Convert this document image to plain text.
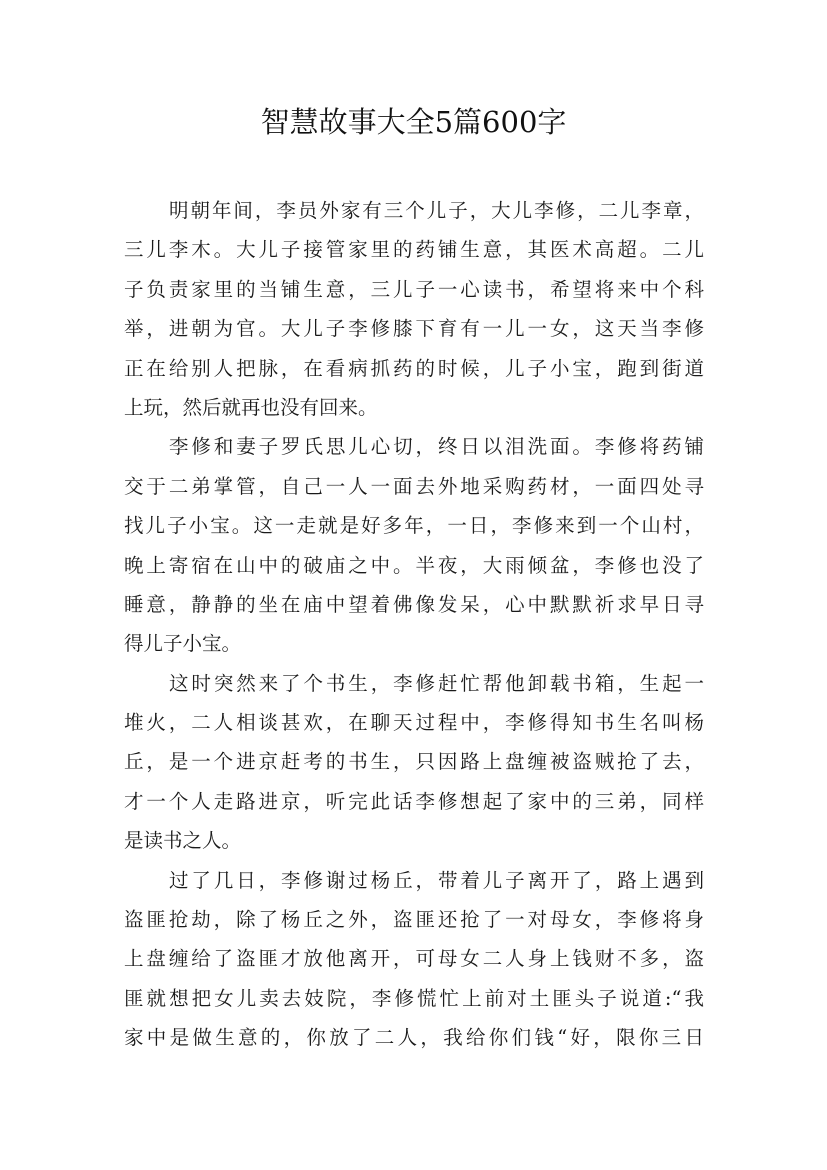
智慧故事大全5篇600字
明朝年间，李员外家有三个儿子，大儿李修，二儿李章，
三儿李木。大儿子接管家里的药铺生意，其医术高超。二儿
子负责家里的当铺生意，三儿子一心读书，希望将来中个科
举，进朝为官。大儿子李修膝下育有一儿一女，这天当李修
正在给别人把脉，在看病抓药的时候，儿子小宝，跑到街道
上玩，然后就再也没有回来。
李修和妻子罗氏思儿心切，终日以泪洗面。李修将药铺
交于二弟掌管，自己一人一面去外地采购药材，一面四处寻
找儿子小宝。这一走就是好多年，一日，李修来到一个山村，
晚上寄宿在山中的破庙之中。半夜，大雨倾盆，李修也没了
睡意，静静的坐在庙中望着佛像发呆，心中默默祈求早日寻
得儿子小宝。
这时突然来了个书生，李修赶忙帮他卸载书箱，生起一
堆火，二人相谈甚欢，在聊天过程中，李修得知书生名叫杨
丘，是一个进京赶考的书生，只因路上盘缠被盗贼抢了去，
才一个人走路进京，听完此话李修想起了家中的三弟，同样
是读书之人。
过了几日，李修谢过杨丘，带着儿子离开了，路上遇到
盗匪抢劫，除了杨丘之外，盗匪还抢了一对母女，李修将身
上盘缠给了盗匪才放他离开，可母女二人身上钱财不多，盗
匪就想把女儿卖去妓院，李修慌忙上前对土匪头子说道:“我
家中是做生意的，你放了二人，我给你们钱“好，限你三日
